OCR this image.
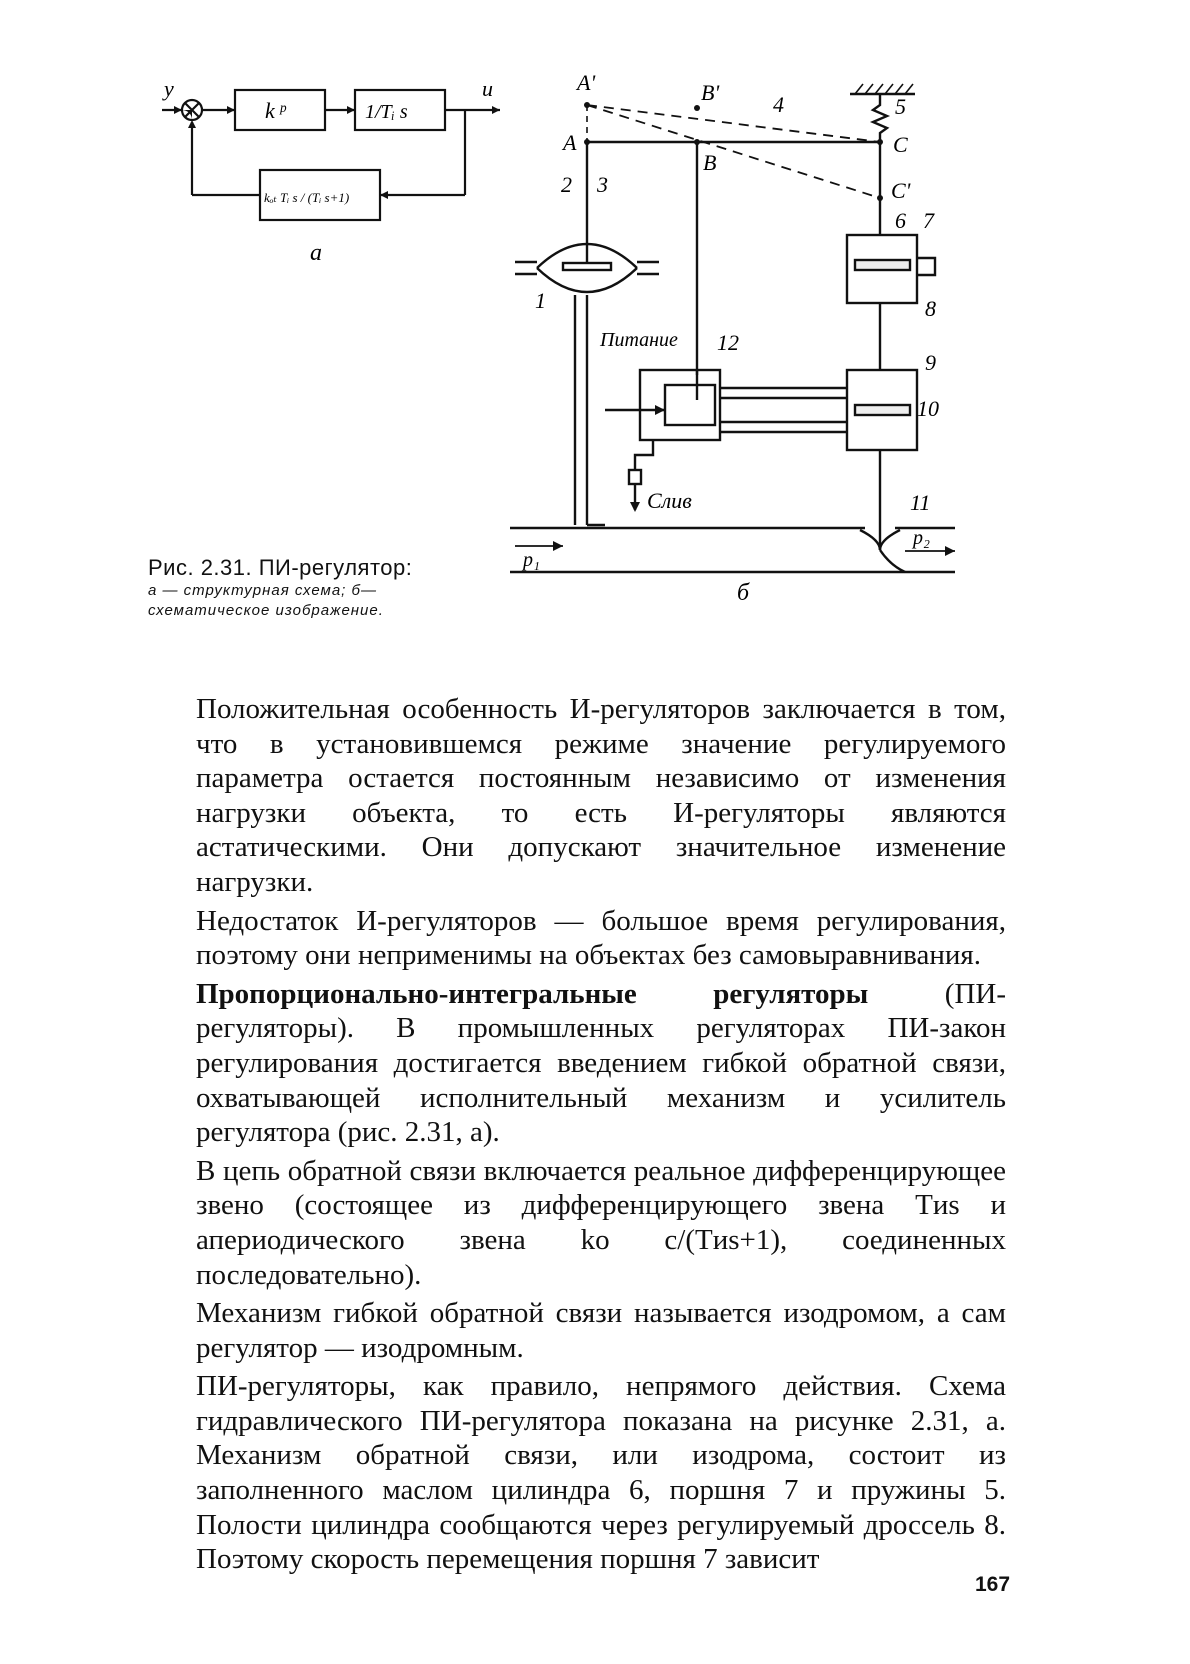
y	u
k ᵖ	1/Tᵢ s
kₒₜ Tᵢ s / (Tᵢ s+1)
а
A'	B' 4	5
A
B
C
C'
2 3
6 7
1	8
Питание 12
9
10
Слив	11
p₁
p₂
б
Рис. 2.31. ПИ-регулятор:
а — структурная схема; б—
схематическое изображение.

Положительная особенность И-регуляторов заключается в том, что в установившемся режиме значение регулируемого параметра остается постоянным независимо от изменения нагрузки объекта, то есть И-регуляторы являются астатическими. Они допускают значительное изменение нагрузки.

Недостаток И-регуляторов — большое время регулирования, поэтому они неприменимы на объектах без самовыравнивания.

Пропорционально-интегральные регуляторы (ПИ-регуляторы). В промышленных регуляторах ПИ-закон регулирования достигается введением гибкой обратной связи, охватывающей исполнительный механизм и усилитель регулятора (рис. 2.31, а).

В цепь обратной связи включается реальное дифференцирующее звено (состоящее из дифференцирующего звена Tиs и апериодического звена kо с/(Tиs+1), соединенных последовательно).

Механизм гибкой обратной связи называется изодромом, а сам регулятор — изодромным.

ПИ-регуляторы, как правило, непрямого действия. Схема гидравлического ПИ-регулятора показана на рисунке 2.31, а. Механизм обратной связи, или изодрома, состоит из заполненного маслом цилиндра 6, поршня 7 и пружины 5. Полости цилиндра сообщаются через регулируемый дроссель 8. Поэтому скорость перемещения поршня 7 зависит

167
